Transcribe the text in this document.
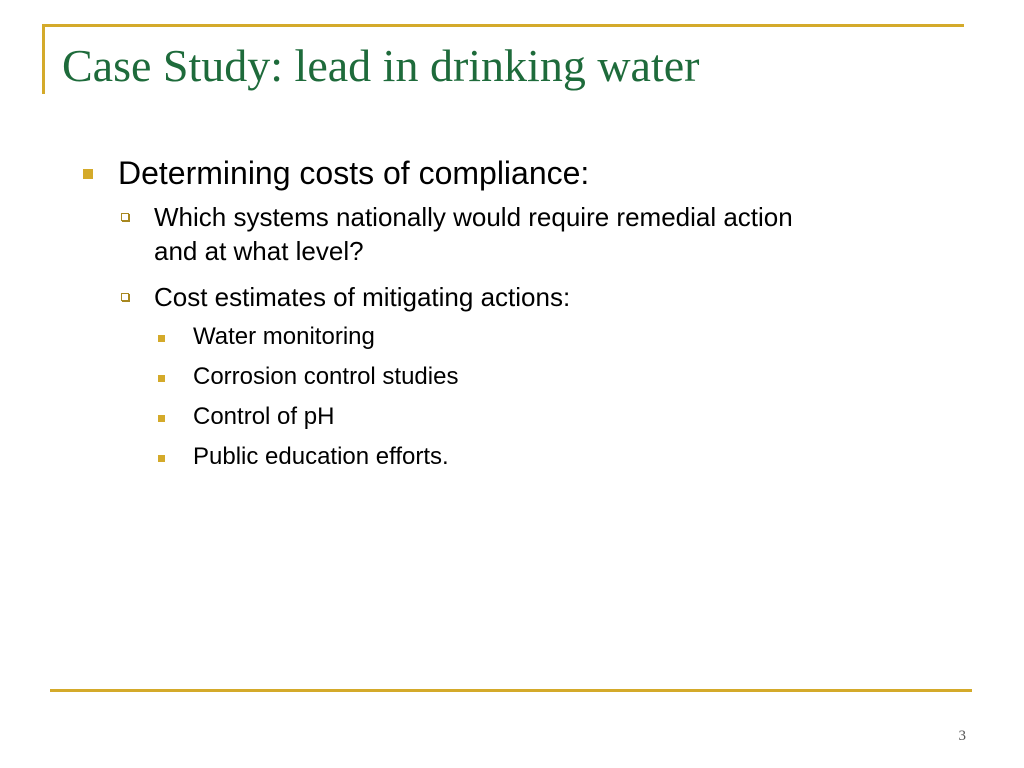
Case Study: lead in drinking water
Determining costs of compliance:
Which systems nationally would require remedial action
and at what level?
Cost estimates of mitigating actions:
Water monitoring
Corrosion control studies
Control of pH
Public education efforts.
3
